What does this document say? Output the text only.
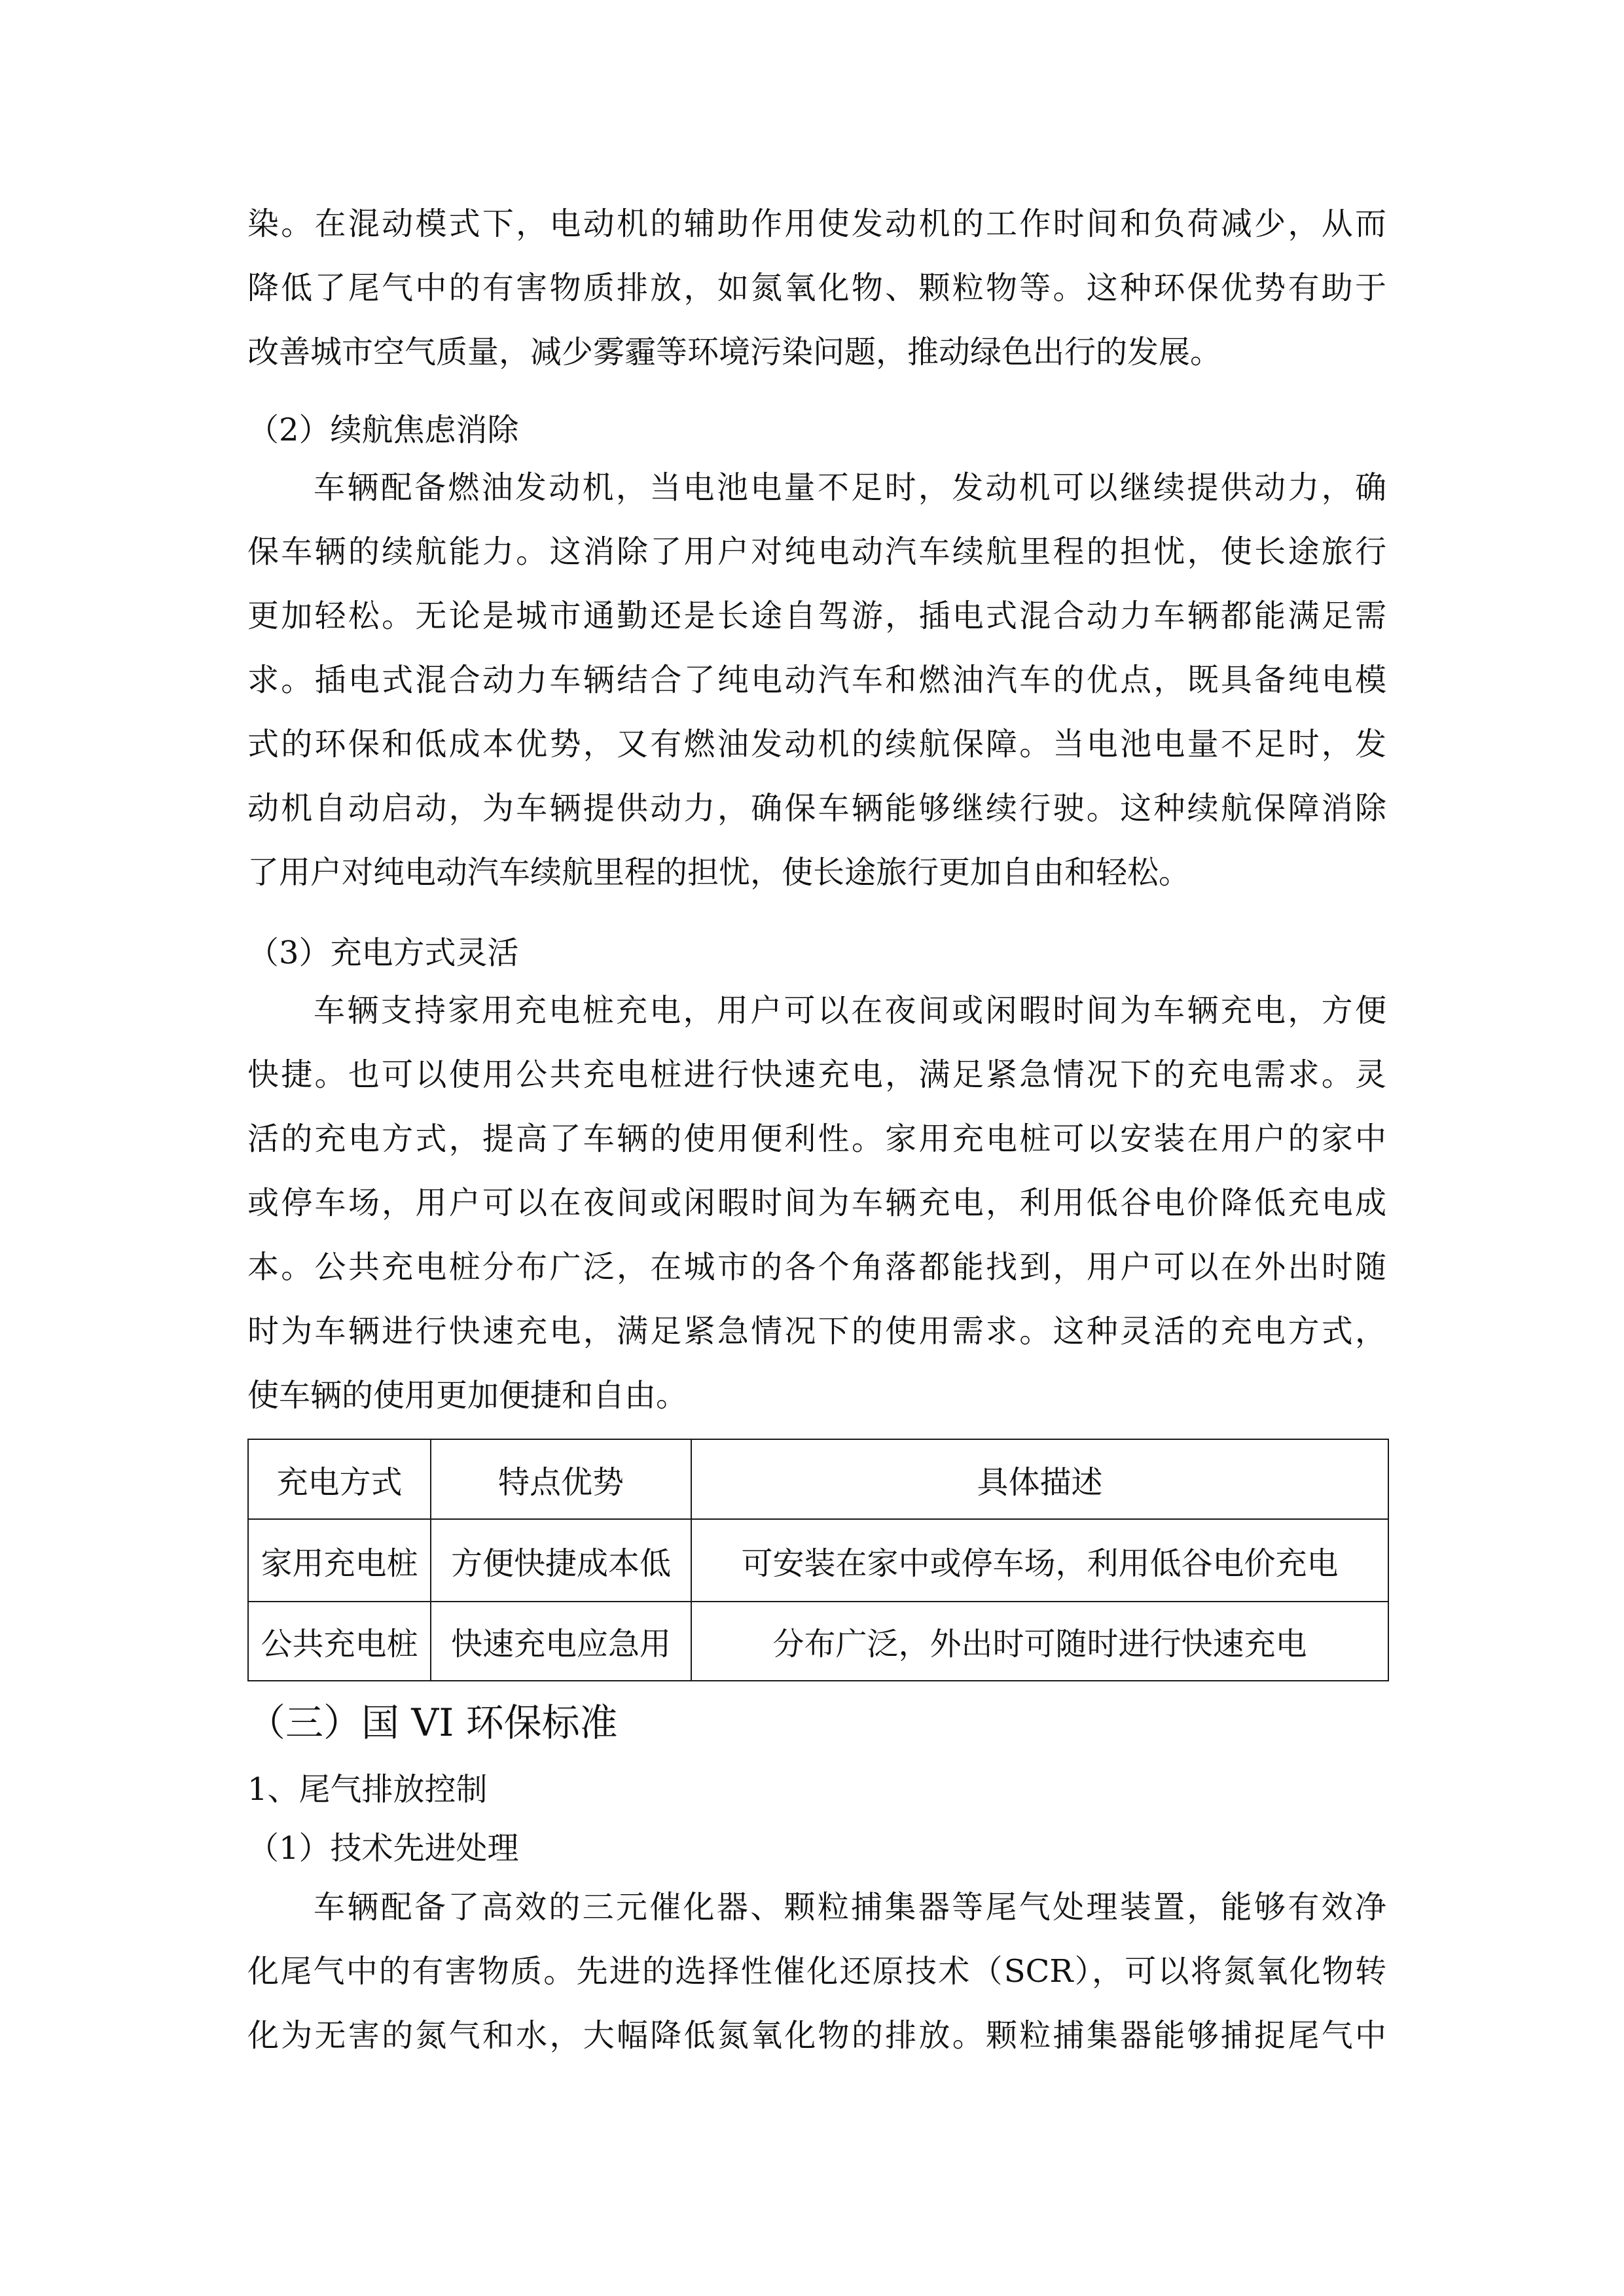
染。在混动模式下，电动机的辅助作用使发动机的工作时间和负荷减少，从而
降低了尾气中的有害物质排放，如氮氧化物、颗粒物等。这种环保优势有助于
改善城市空气质量，减少雾霾等环境污染问题，推动绿色出行的发展。
（2）续航焦虑消除
车辆配备燃油发动机，当电池电量不足时，发动机可以继续提供动力，确
保车辆的续航能力。这消除了用户对纯电动汽车续航里程的担忧，使长途旅行
更加轻松。无论是城市通勤还是长途自驾游，插电式混合动力车辆都能满足需
求。插电式混合动力车辆结合了纯电动汽车和燃油汽车的优点，既具备纯电模
式的环保和低成本优势，又有燃油发动机的续航保障。当电池电量不足时，发
动机自动启动，为车辆提供动力，确保车辆能够继续行驶。这种续航保障消除
了用户对纯电动汽车续航里程的担忧，使长途旅行更加自由和轻松。
（3）充电方式灵活
车辆支持家用充电桩充电，用户可以在夜间或闲暇时间为车辆充电，方便
快捷。也可以使用公共充电桩进行快速充电，满足紧急情况下的充电需求。灵
活的充电方式，提高了车辆的使用便利性。家用充电桩可以安装在用户的家中
或停车场，用户可以在夜间或闲暇时间为车辆充电，利用低谷电价降低充电成
本。公共充电桩分布广泛，在城市的各个角落都能找到，用户可以在外出时随
时为车辆进行快速充电，满足紧急情况下的使用需求。这种灵活的充电方式，
使车辆的使用更加便捷和自由。
充电方式	特点优势	具体描述
家用充电桩	方便快捷成本低	可安装在家中或停车场，利用低谷电价充电
公共充电桩	快速充电应急用	分布广泛，外出时可随时进行快速充电
（三）国 VI 环保标准
1、尾气排放控制
（1）技术先进处理
车辆配备了高效的三元催化器、颗粒捕集器等尾气处理装置，能够有效净
化尾气中的有害物质。先进的选择性催化还原技术（SCR），可以将氮氧化物转
化为无害的氮气和水，大幅降低氮氧化物的排放。颗粒捕集器能够捕捉尾气中
